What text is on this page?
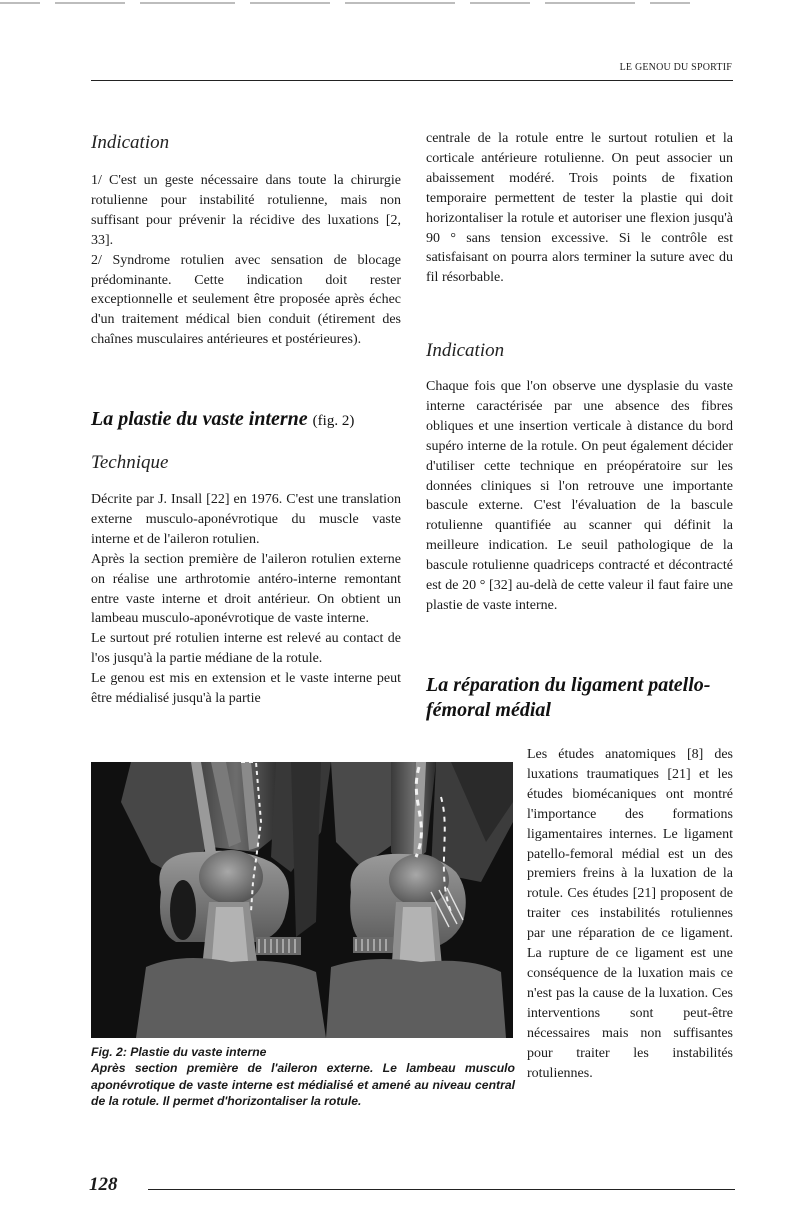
LE GENOU DU SPORTIF
Indication

1/ C'est un geste nécessaire dans toute la chirurgie rotulienne pour instabilité rotulienne, mais non suffisant pour prévenir la récidive des luxations [2, 33].

2/ Syndrome rotulien avec sensation de blocage prédominante. Cette indication doit rester exceptionnelle et seulement être proposée après échec d'un traitement médical bien conduit (étirement des chaînes musculaires antérieures et postérieures).

La plastie du vaste interne (fig. 2)
Technique

Décrite par J. Insall [22] en 1976. C'est une translation externe musculo-aponévrotique du muscle vaste interne et de l'aileron rotulien.

Après la section première de l'aileron rotulien externe on réalise une arthrotomie antéro-interne remontant entre vaste interne et droit antérieur. On obtient un lambeau musculo-aponévrotique de vaste interne.

Le surtout pré rotulien interne est relevé au contact de l'os jusqu'à la partie médiane de la rotule.

Le genou est mis en extension et le vaste interne peut être médialisé jusqu'à la partie

centrale de la rotule entre le surtout rotulien et la corticale antérieure rotulienne. On peut associer un abaissement modéré. Trois points de fixation temporaire permettent de tester la plastie qui doit horizontaliser la rotule et autoriser une flexion jusqu'à 90 ° sans tension excessive. Si le contrôle est satisfaisant on pourra alors terminer la suture avec du fil résorbable.

Indication

Chaque fois que l'on observe une dysplasie du vaste interne caractérisée par une absence des fibres obliques et une insertion verticale à distance du bord supéro interne de la rotule. On peut également décider d'utiliser cette technique en préopératoire sur les données cliniques si l'on retrouve une importante bascule externe. C'est l'évaluation de la bascule rotulienne quantifiée au scanner qui définit la meilleure indication. Le seuil pathologique de la bascule rotulienne quadriceps contracté et décontracté est de 20 ° [32] au-delà de cette valeur il faut faire une plastie de vaste interne.

La réparation du ligament patello-
fémoral médial

Les études anatomiques [8] des luxations traumatiques [21] et les études biomécaniques ont montré l'importance des formations ligamentaires internes. Le ligament patello-femoral médial est un des premiers freins à la luxation de la rotule. Ces études [21] proposent de traiter ces instabilités rotuliennes par une réparation de ce ligament. La rupture de ce ligament est une conséquence de la luxation mais ce n'est pas la cause de la luxation. Ces interventions sont peut-être nécessaires mais non suffisantes pour traiter les instabilités rotuliennes.

Fig. 2: Plastie du vaste interne

Après section première de l'aileron externe. Le lambeau musculo aponévrotique de vaste interne est médialisé et amené au niveau central de la rotule. Il permet d'horizontaliser la rotule.

128
